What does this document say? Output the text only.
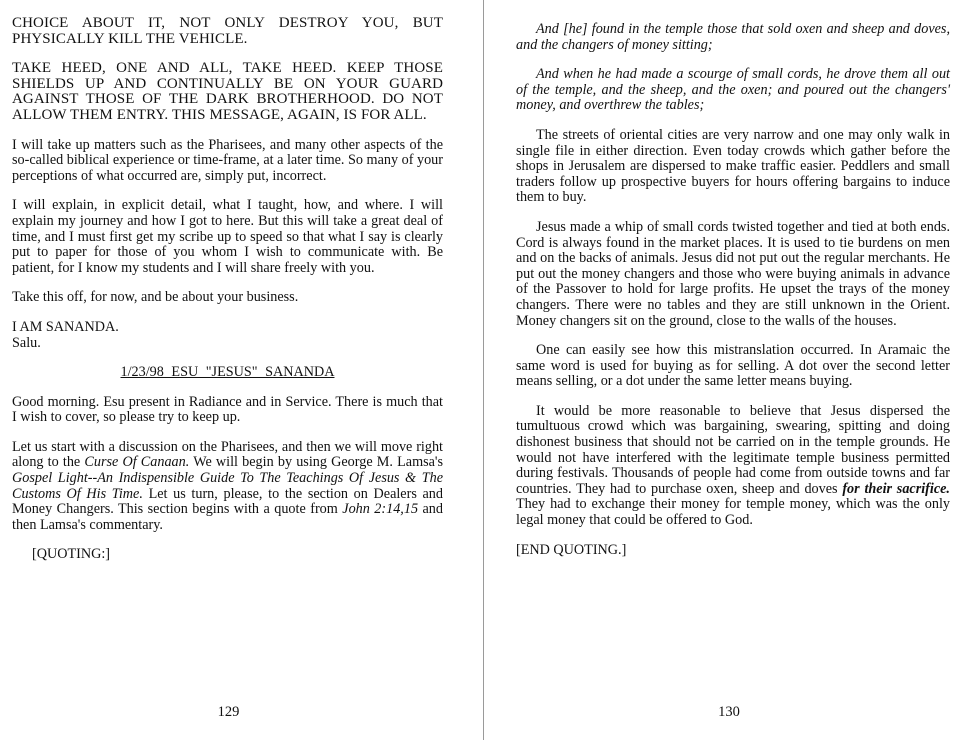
CHOICE ABOUT IT, NOT ONLY DESTROY YOU, BUT PHYSICALLY KILL THE VEHICLE.

TAKE HEED, ONE AND ALL, TAKE HEED. KEEP THOSE SHIELDS UP AND CONTINUALLY BE ON YOUR GUARD AGAINST THOSE OF THE DARK BROTHERHOOD. DO NOT ALLOW THEM ENTRY. THIS MESSAGE, AGAIN, IS FOR ALL.

I will take up matters such as the Pharisees, and many other aspects of the so-called biblical experience or time-frame, at a later time. So many of your perceptions of what occurred are, simply put, incorrect.

I will explain, in explicit detail, what I taught, how, and where. I will explain my journey and how I got to here. But this will take a great deal of time, and I must first get my scribe up to speed so that what I say is clearly put to paper for those of you whom I wish to communicate with. Be patient, for I know my students and I will share freely with you.

Take this off, for now, and be about your business.

I AM SANANDA.

Salu.

1/23/98 ESU "JESUS" SANANDA

Good morning. Esu present in Radiance and in Service. There is much that I wish to cover, so please try to keep up.

Let us start with a discussion on the Pharisees, and then we will move right along to the Curse Of Canaan. We will begin by using George M. Lamsa's Gospel Light--An Indispensible Guide To The Teachings Of Jesus & The Customs Of His Time. Let us turn, please, to the section on Dealers and Money Changers. This section begins with a quote from John 2:14,15 and then Lamsa's commentary.

[QUOTING:]

129

And [he] found in the temple those that sold oxen and sheep and doves, and the changers of money sitting;

And when he had made a scourge of small cords, he drove them all out of the temple, and the sheep, and the oxen; and poured out the changers' money, and overthrew the tables;

The streets of oriental cities are very narrow and one may only walk in single file in either direction. Even today crowds which gather before the shops in Jerusalem are dispersed to make traffic easier. Peddlers and small traders follow up prospective buyers for hours offering bargains to induce them to buy.

Jesus made a whip of small cords twisted together and tied at both ends. Cord is always found in the market places. It is used to tie burdens on men and on the backs of animals. Jesus did not put out the regular merchants. He put out the money changers and those who were buying animals in advance of the Passover to hold for large profits. He upset the trays of the money changers. There were no tables and they are still unknown in the Orient. Money changers sit on the ground, close to the walls of the houses.

One can easily see how this mistranslation occurred. In Aramaic the same word is used for buying as for selling. A dot over the second letter means selling, or a dot under the same letter means buying.

It would be more reasonable to believe that Jesus dispersed the tumultuous crowd which was bargaining, swearing, spitting and doing dishonest business that should not be carried on in the temple grounds. He would not have interfered with the legitimate temple business permitted during festivals. Thousands of people had come from outside towns and far countries. They had to purchase oxen, sheep and doves for their sacrifice. They had to exchange their money for temple money, which was the only legal money that could be offered to God.

[END QUOTING.]

130
